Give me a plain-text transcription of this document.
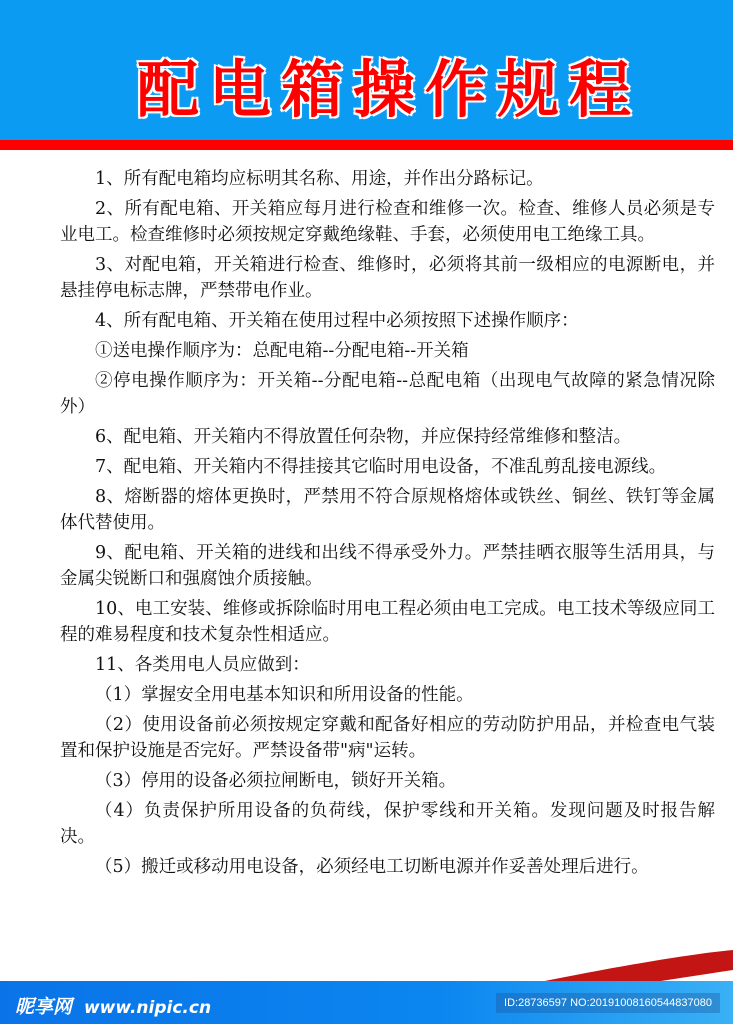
配电箱操作规程

1、所有配电箱均应标明其名称、用途，并作出分路标记。

2、所有配电箱、开关箱应每月进行检查和维修一次。检查、维修人员必须是专业电工。检查维修时必须按规定穿戴绝缘鞋、手套，必须使用电工绝缘工具。

3、对配电箱，开关箱进行检查、维修时，必须将其前一级相应的电源断电，并悬挂停电标志牌，严禁带电作业。

4、所有配电箱、开关箱在使用过程中必须按照下述操作顺序：

①送电操作顺序为：总配电箱--分配电箱--开关箱

②停电操作顺序为：开关箱--分配电箱--总配电箱（出现电气故障的紧急情况除外）

6、配电箱、开关箱内不得放置任何杂物，并应保持经常维修和整洁。

7、配电箱、开关箱内不得挂接其它临时用电设备，不准乱剪乱接电源线。

8、熔断器的熔体更换时，严禁用不符合原规格熔体或铁丝、铜丝、铁钉等金属体代替使用。

9、配电箱、开关箱的进线和出线不得承受外力。严禁挂晒衣服等生活用具，与金属尖锐断口和强腐蚀介质接触。

10、电工安装、维修或拆除临时用电工程必须由电工完成。电工技术等级应同工程的难易程度和技术复杂性相适应。

11、各类用电人员应做到：

（1）掌握安全用电基本知识和所用设备的性能。

（2）使用设备前必须按规定穿戴和配备好相应的劳动防护用品，并检查电气装置和保护设施是否完好。严禁设备带"病"运转。

（3）停用的设备必须拉闸断电，锁好开关箱。

（4）负责保护所用设备的负荷线，保护零线和开关箱。发现问题及时报告解决。

（5）搬迁或移动用电设备，必须经电工切断电源并作妥善处理后进行。

昵享网 www.nipic.cn	ID:28736597 NO:20191008160544837080
